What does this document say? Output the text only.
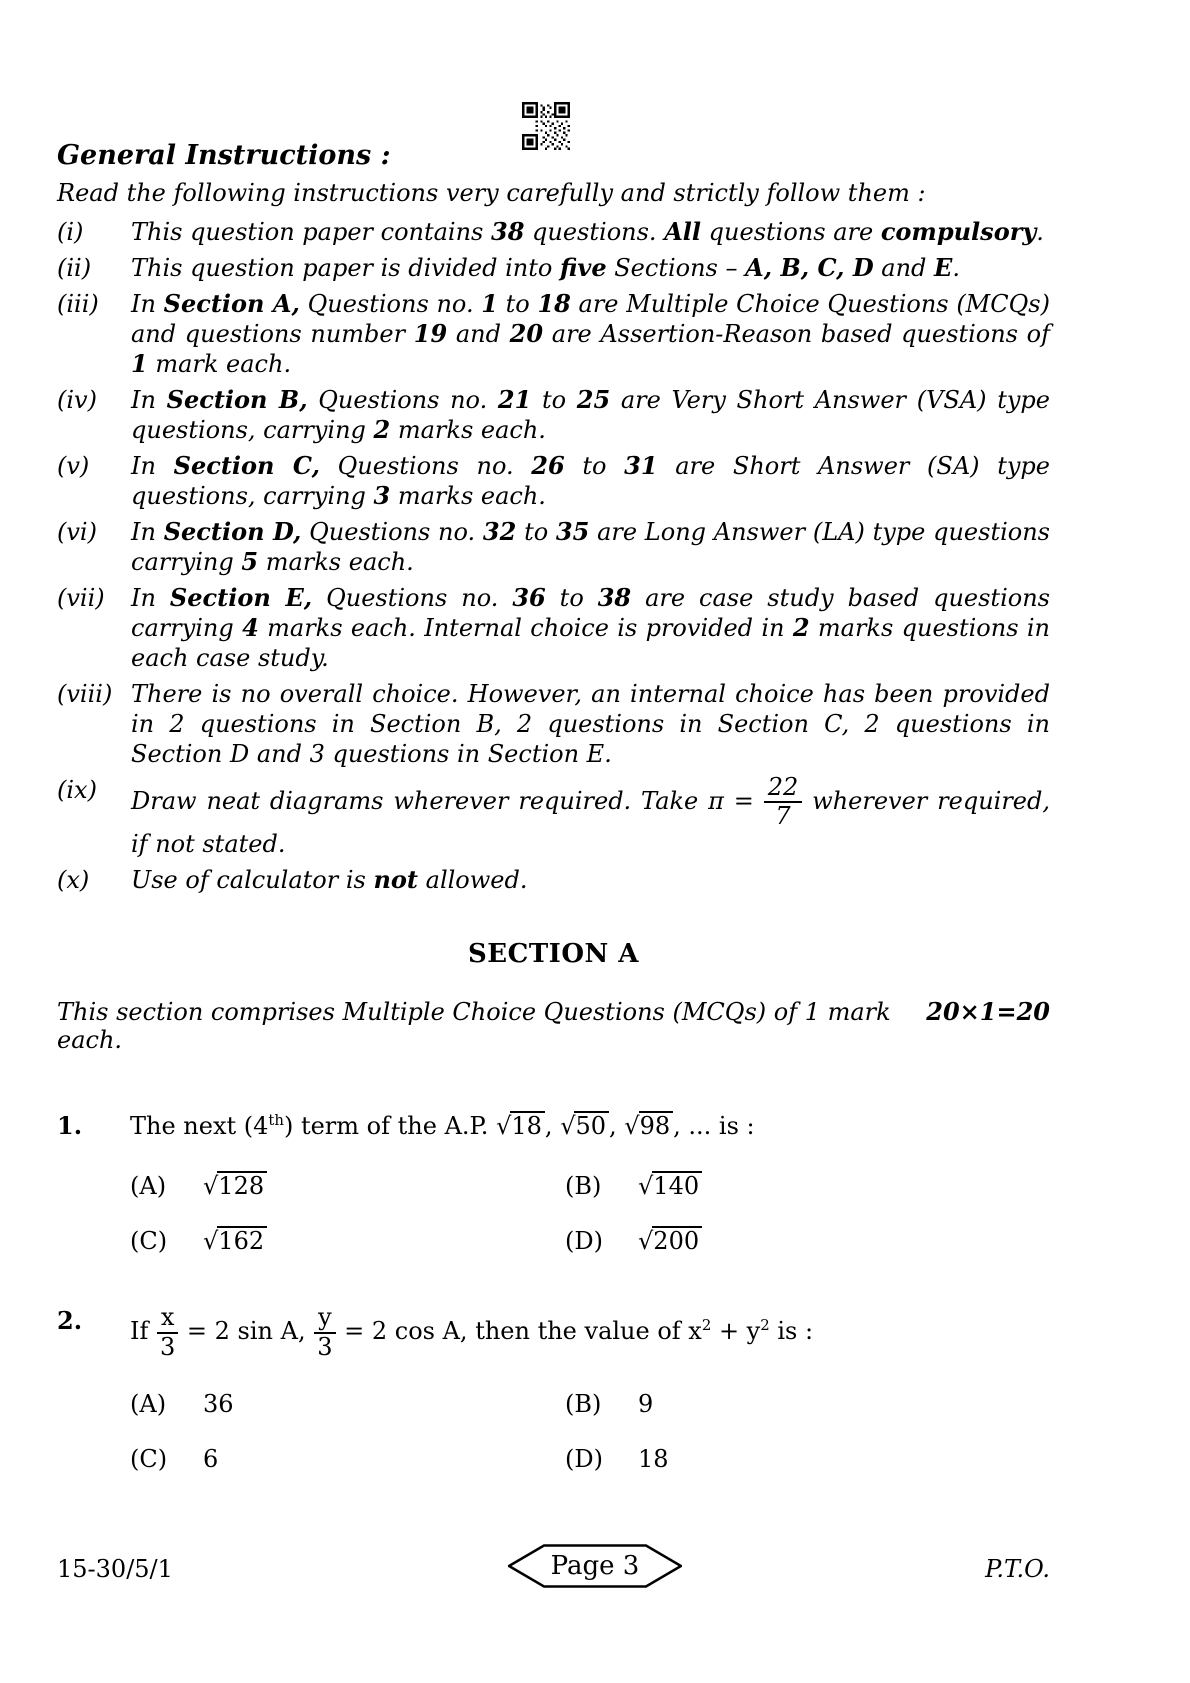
General Instructions :
Read the following instructions very carefully and strictly follow them :
(i) This question paper contains 38 questions. All questions are compulsory.
(ii) This question paper is divided into five Sections – A, B, C, D and E.
(iii) In Section A, Questions no. 1 to 18 are Multiple Choice Questions (MCQs) and questions number 19 and 20 are Assertion-Reason based questions of 1 mark each.
(iv) In Section B, Questions no. 21 to 25 are Very Short Answer (VSA) type questions, carrying 2 marks each.
(v) In Section C, Questions no. 26 to 31 are Short Answer (SA) type questions, carrying 3 marks each.
(vi) In Section D, Questions no. 32 to 35 are Long Answer (LA) type questions carrying 5 marks each.
(vii) In Section E, Questions no. 36 to 38 are case study based questions carrying 4 marks each. Internal choice is provided in 2 marks questions in each case study.
(viii) There is no overall choice. However, an internal choice has been provided in 2 questions in Section B, 2 questions in Section C, 2 questions in Section D and 3 questions in Section E.
(ix) Draw neat diagrams wherever required. Take $\pi = \frac{22}{7}$ wherever required, if not stated.
(x) Use of calculator is not allowed.
SECTION A
This section comprises Multiple Choice Questions (MCQs) of 1 mark each.
20×1=20
1. The next (4th) term of the A.P. √18 , √50 , √98 , ... is :
(A)	√128	(B)	√140
(C)	√162	(D)	√200
2. If $\frac{x}{3} = 2$ sin A, $\frac{y}{3} = 2$ cos A, then the value of $x^2 + y^2$ is :
(A)	36	(B)	9
(C)	6	(D)	18
15-30/5/1	Page 3	P.T.O.
